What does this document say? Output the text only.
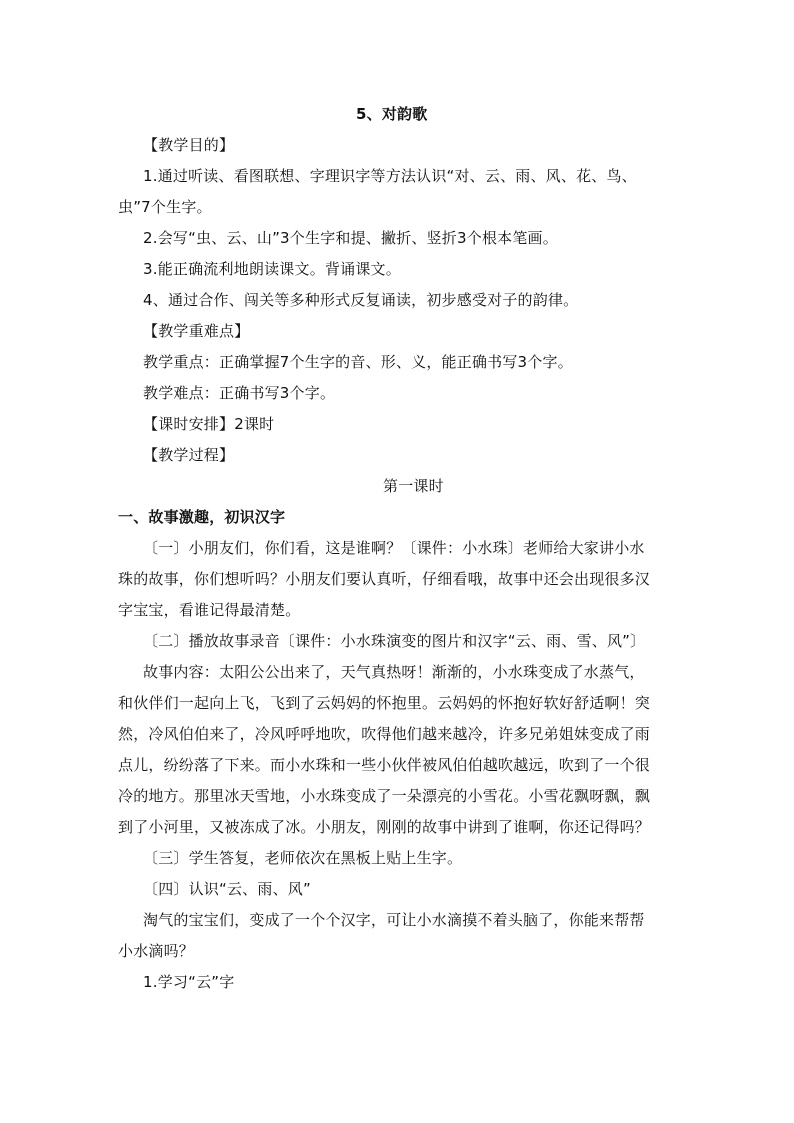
5、对韵歌
【教学目的】
1.通过听读、看图联想、字理识字等方法认识“对、云、雨、风、花、鸟、
虫”7个生字。
2.会写“虫、云、山”3个生字和提、撇折、竖折3个根本笔画。
3.能正确流利地朗读课文。背诵课文。
4、通过合作、闯关等多种形式反复诵读，初步感受对子的韵律。
【教学重难点】
教学重点：正确掌握7个生字的音、形、义，能正确书写3个字。
教学难点：正确书写3个字。
【课时安排】2课时
【教学过程】
第一课时
一、故事激趣，初识汉字
〔一〕小朋友们，你们看，这是谁啊？〔课件：小水珠〕老师给大家讲小水
珠的故事，你们想听吗？小朋友们要认真听，仔细看哦，故事中还会出现很多汉
字宝宝，看谁记得最清楚。
〔二〕播放故事录音〔课件：小水珠演变的图片和汉字“云、雨、雪、风”〕
故事内容：太阳公公出来了，天气真热呀！渐渐的，小水珠变成了水蒸气，
和伙伴们一起向上飞，飞到了云妈妈的怀抱里。云妈妈的怀抱好软好舒适啊！突
然，冷风伯伯来了，冷风呼呼地吹，吹得他们越来越冷，许多兄弟姐妹变成了雨
点儿，纷纷落了下来。而小水珠和一些小伙伴被风伯伯越吹越远，吹到了一个很
冷的地方。那里冰天雪地，小水珠变成了一朵漂亮的小雪花。小雪花飘呀飘，飘
到了小河里，又被冻成了冰。小朋友，刚刚的故事中讲到了谁啊，你还记得吗？
〔三〕学生答复，老师依次在黑板上贴上生字。
〔四〕认识“云、雨、风”
淘气的宝宝们，变成了一个个汉字，可让小水滴摸不着头脑了，你能来帮帮
小水滴吗？
1.学习“云”字
